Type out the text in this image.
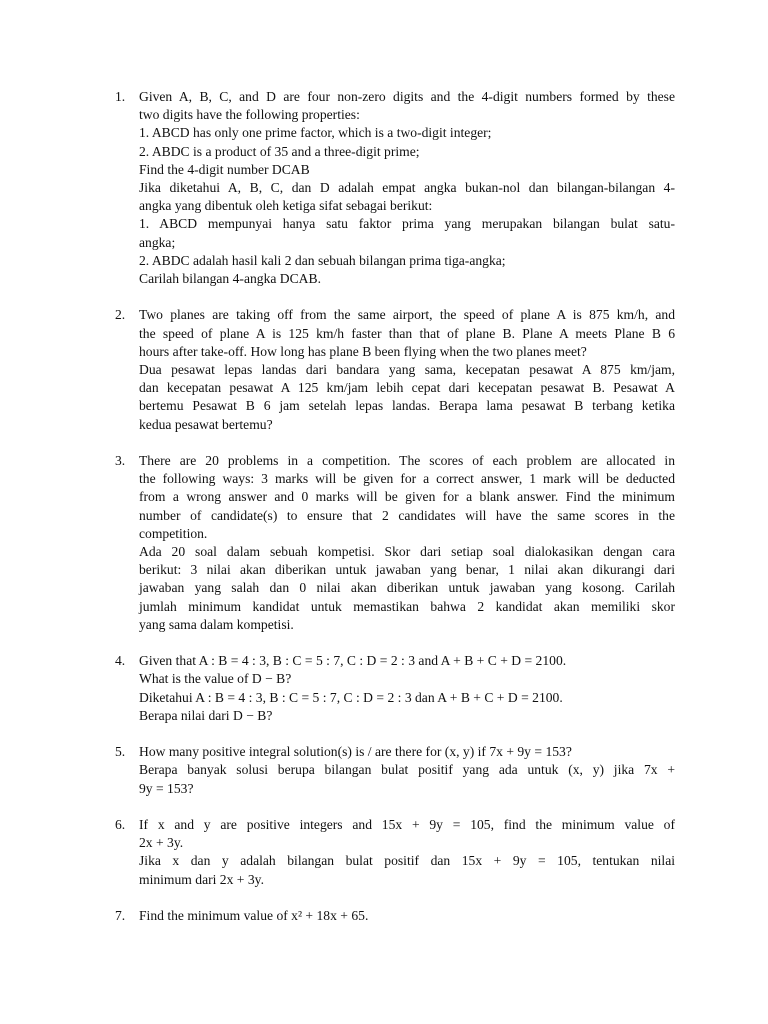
1. Given A, B, C, and D are four non-zero digits and the 4-digit numbers formed by these
two digits have the following properties:
1. ABCD has only one prime factor, which is a two-digit integer;
2. ABDC is a product of 35 and a three-digit prime;
Find the 4-digit number DCAB
Jika diketahui A, B, C, dan D adalah empat angka bukan-nol dan bilangan-bilangan 4-
angka yang dibentuk oleh ketiga sifat sebagai berikut:
1. ABCD mempunyai hanya satu faktor prima yang merupakan bilangan bulat satu-
angka;
2. ABDC adalah hasil kali 2 dan sebuah bilangan prima tiga-angka;
Carilah bilangan 4-angka DCAB.
2. Two planes are taking off from the same airport, the speed of plane A is 875 km/h, and
the speed of plane A is 125 km/h faster than that of plane B. Plane A meets Plane B 6
hours after take-off. How long has plane B been flying when the two planes meet?
Dua pesawat lepas landas dari bandara yang sama, kecepatan pesawat A 875 km/jam,
dan kecepatan pesawat A 125 km/jam lebih cepat dari kecepatan pesawat B. Pesawat A
bertemu Pesawat B 6 jam setelah lepas landas. Berapa lama pesawat B terbang ketika
kedua pesawat bertemu?
3. There are 20 problems in a competition. The scores of each problem are allocated in
the following ways: 3 marks will be given for a correct answer, 1 mark will be deducted
from a wrong answer and 0 marks will be given for a blank answer. Find the minimum
number of candidate(s) to ensure that 2 candidates will have the same scores in the
competition.
Ada 20 soal dalam sebuah kompetisi. Skor dari setiap soal dialokasikan dengan cara
berikut: 3 nilai akan diberikan untuk jawaban yang benar, 1 nilai akan dikurangi dari
jawaban yang salah dan 0 nilai akan diberikan untuk jawaban yang kosong. Carilah
jumlah minimum kandidat untuk memastikan bahwa 2 kandidat akan memiliki skor
yang sama dalam kompetisi.
4. Given that A : B = 4 : 3, B : C = 5 : 7, C : D = 2 : 3 and A + B + C + D = 2100.
What is the value of D − B?
Diketahui A : B = 4 : 3, B : C = 5 : 7, C : D = 2 : 3 dan A + B + C + D = 2100.
Berapa nilai dari D − B?
5. How many positive integral solution(s) is / are there for (x, y) if 7x + 9y = 153?
Berapa banyak solusi berupa bilangan bulat positif yang ada untuk (x, y) jika 7x +
9y = 153?
6. If x and y are positive integers and 15x + 9y = 105, find the minimum value of
2x + 3y.
Jika x dan y adalah bilangan bulat positif dan 15x + 9y = 105, tentukan nilai
minimum dari 2x + 3y.
7. Find the minimum value of x² + 18x + 65.
